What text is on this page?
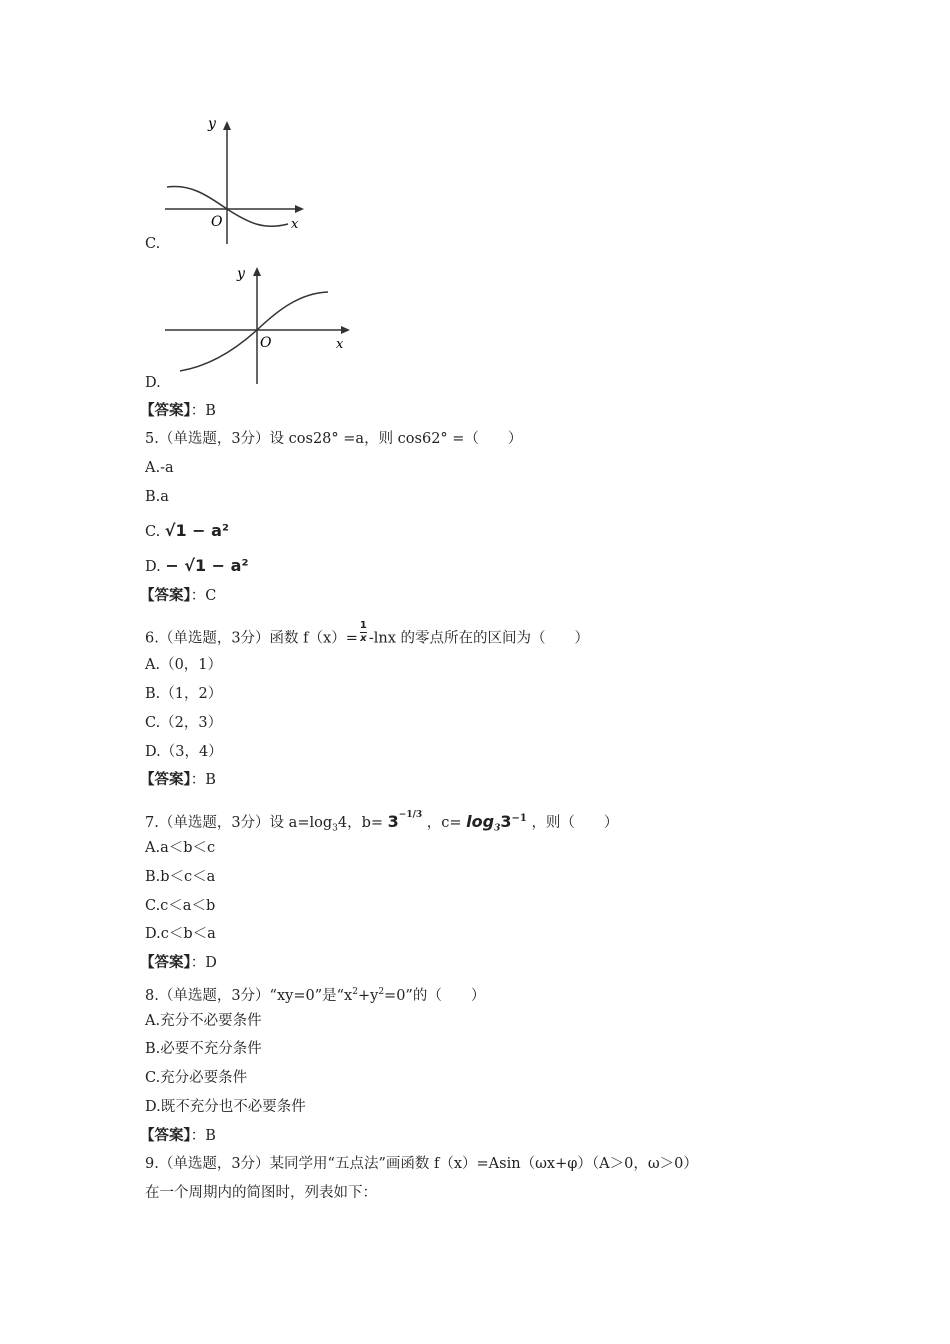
y
O	x
C.
y
O	x
D.
【答案】：B
5.（单选题，3分）设 cos28° =a，则 cos62° =（　　）
A.-a
B.a
C. √1 − a²
D. − √1 − a²
【答案】：C
6.（单选题，3分）函数 $f(x)= \frac{1}{x} -\ln x$ 的零点所在的区间为（　　）
A.（0，1）
B.（1，2）
C.（2，3）
D.（3，4）
【答案】：B
7.（单选题，3分）设 $a=\log_34$，$b= 3^{-1/3}$ ，$c= \log_33^{-1}$ ，则（　　）
A.a＜b＜c
B.b＜c＜a
C.c＜a＜b
D.c＜b＜a
【答案】：D
8.（单选题，3分）“xy=0”是“$x^2+y^2=0$”的（　　）
A.充分不必要条件
B.必要不充分条件
C.充分必要条件
D.既不充分也不必要条件
【答案】：B
9.（单选题，3分）某同学用“五点法”画函数 f（x）=Asin（ωx+φ）（A＞0，ω＞0）
在一个周期内的简图时，列表如下：
